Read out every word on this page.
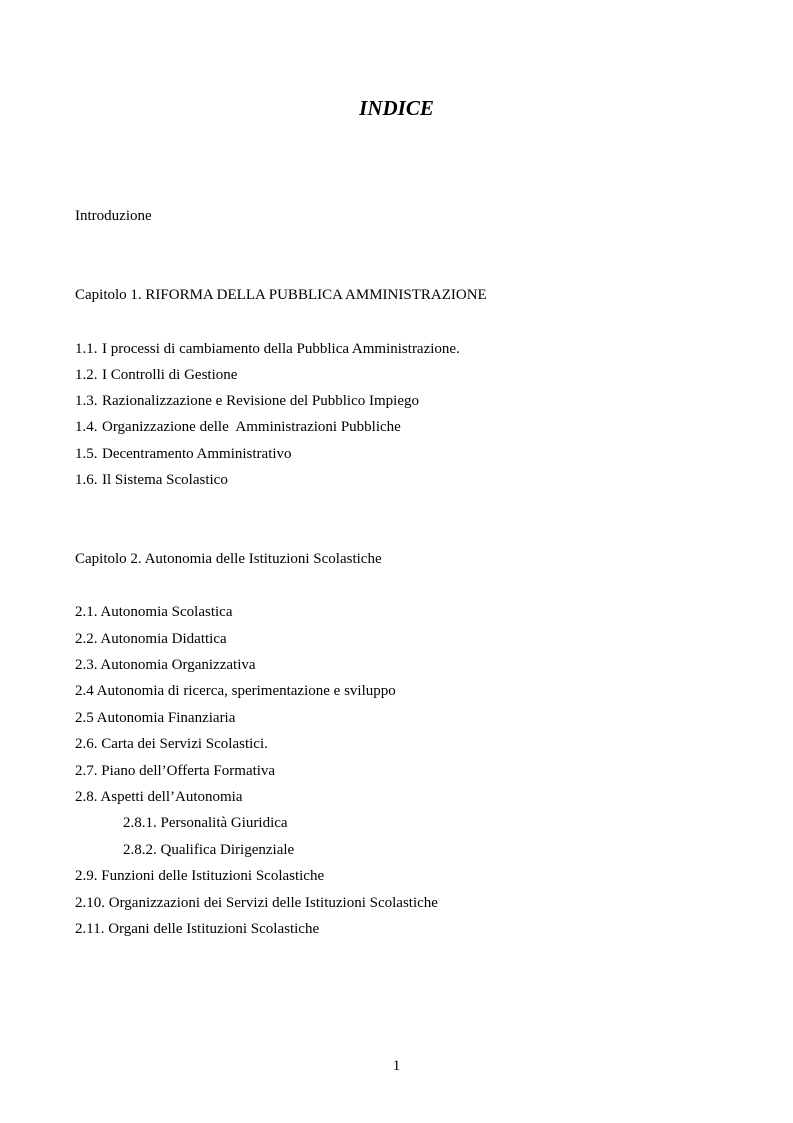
INDICE
Introduzione
Capitolo 1. RIFORMA DELLA PUBBLICA AMMINISTRAZIONE
1.1. I processi di cambiamento della Pubblica Amministrazione.
1.2. I Controlli di Gestione
1.3. Razionalizzazione e Revisione del Pubblico Impiego
1.4. Organizzazione delle  Amministrazioni Pubbliche
1.5. Decentramento Amministrativo
1.6. Il Sistema Scolastico
Capitolo 2. Autonomia delle Istituzioni Scolastiche
2.1. Autonomia Scolastica
2.2. Autonomia Didattica
2.3. Autonomia Organizzativa
2.4 Autonomia di ricerca, sperimentazione e sviluppo
2.5 Autonomia Finanziaria
2.6. Carta dei Servizi Scolastici.
2.7. Piano dell’Offerta Formativa
2.8. Aspetti dell’Autonomia
2.8.1. Personalità Giuridica
2.8.2. Qualifica Dirigenziale
2.9. Funzioni delle Istituzioni Scolastiche
2.10. Organizzazioni dei Servizi delle Istituzioni Scolastiche
2.11. Organi delle Istituzioni Scolastiche
1
